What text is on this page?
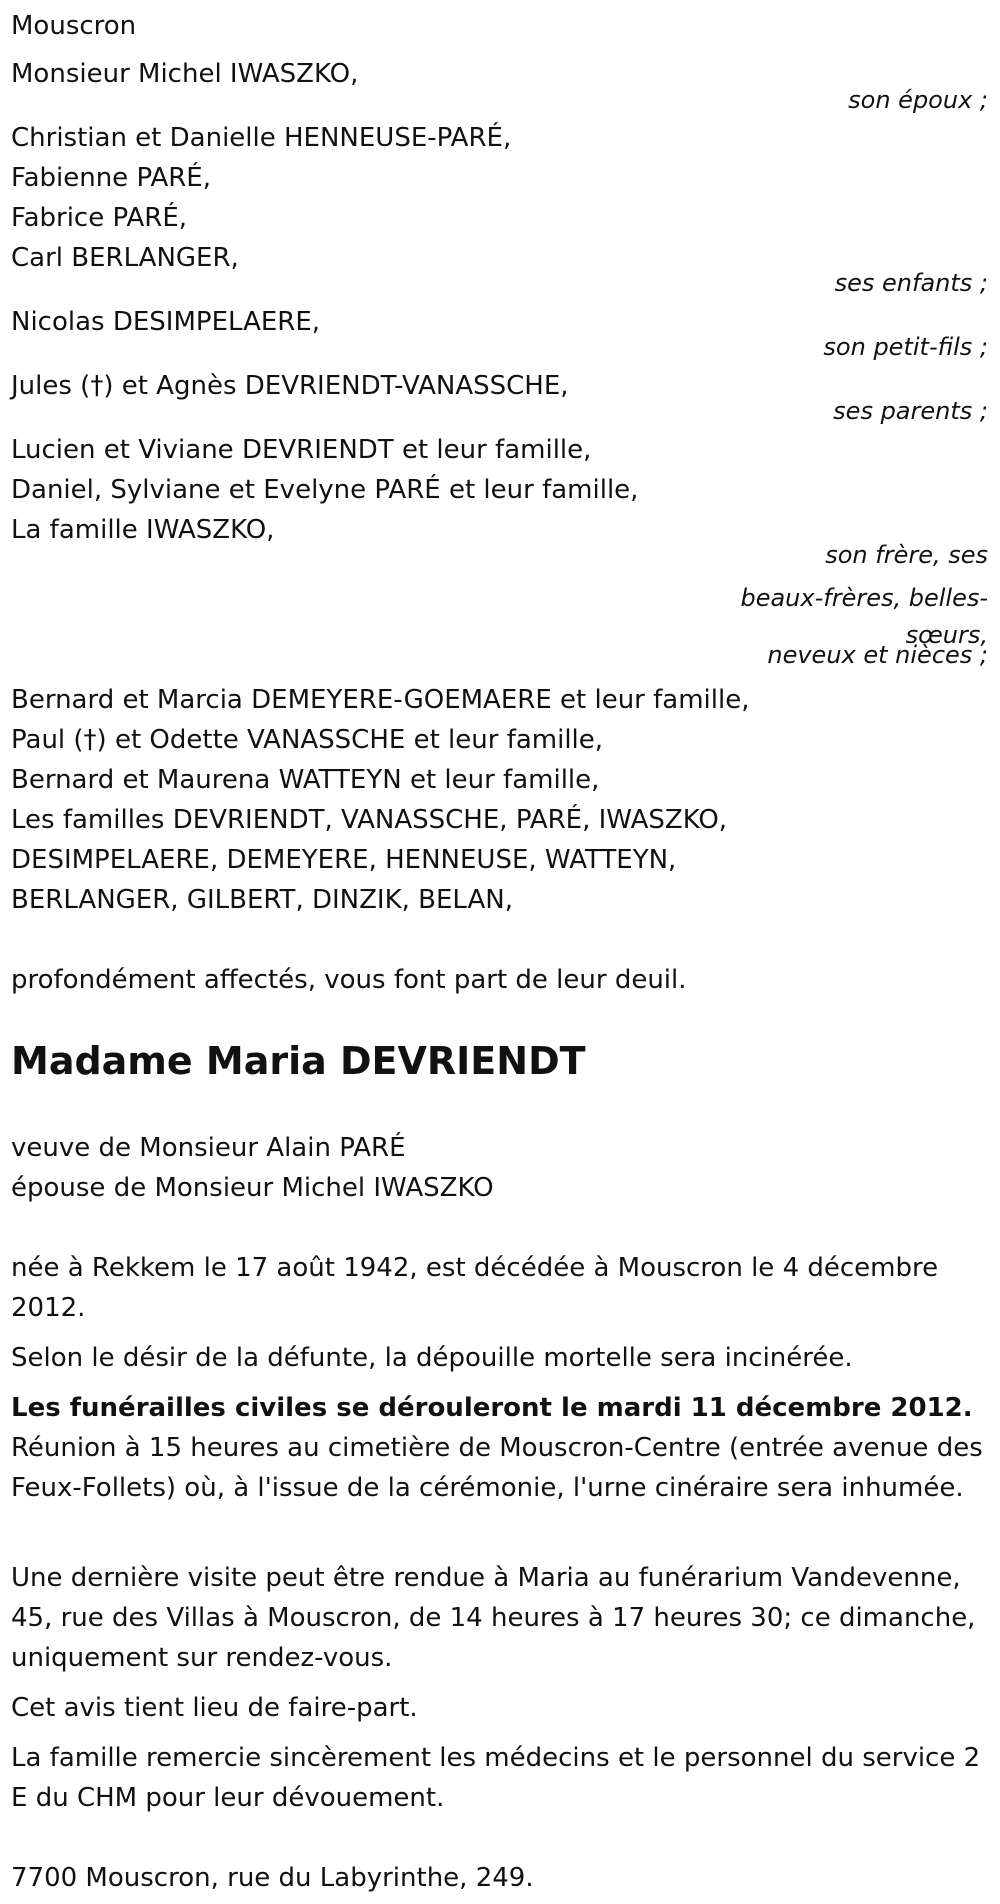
Mouscron
Monsieur Michel IWASZKO,
son époux ;
Christian et Danielle HENNEUSE-PARÉ,
Fabienne PARÉ,
Fabrice PARÉ,
Carl BERLANGER,
ses enfants ;
Nicolas DESIMPELAERE,
son petit-fils ;
Jules (†) et Agnès DEVRIENDT-VANASSCHE,
ses parents ;
Lucien et Viviane DEVRIENDT et leur famille,
Daniel, Sylviane et Evelyne PARÉ et leur famille,
La famille IWASZKO,
son frère, ses
beaux-frères, belles-
sœurs,
neveux et nièces ;
Bernard et Marcia DEMEYERE-GOEMAERE et leur famille,
Paul (†) et Odette VANASSCHE et leur famille,
Bernard et Maurena WATTEYN et leur famille,
Les familles DEVRIENDT, VANASSCHE, PARÉ, IWASZKO,
DESIMPELAERE, DEMEYERE, HENNEUSE, WATTEYN,
BERLANGER, GILBERT, DINZIK, BELAN,
profondément affectés, vous font part de leur deuil.
Madame Maria DEVRIENDT
veuve de Monsieur Alain PARÉ
épouse de Monsieur Michel IWASZKO
née à Rekkem le 17 août 1942, est décédée à Mouscron le 4 décembre 2012.
Selon le désir de la défunte, la dépouille mortelle sera incinérée.
Les funérailles civiles se dérouleront le mardi 11 décembre 2012. Réunion à 15 heures au cimetière de Mouscron-Centre (entrée avenue des Feux-Follets) où, à l'issue de la cérémonie, l'urne cinéraire sera inhumée.
Une dernière visite peut être rendue à Maria au funérarium Vandevenne, 45, rue des Villas à Mouscron, de 14 heures à 17 heures 30; ce dimanche, uniquement sur rendez-vous.
Cet avis tient lieu de faire-part.
La famille remercie sincèrement les médecins et le personnel du service 2 E du CHM pour leur dévouement.
7700 Mouscron, rue du Labyrinthe, 249.
